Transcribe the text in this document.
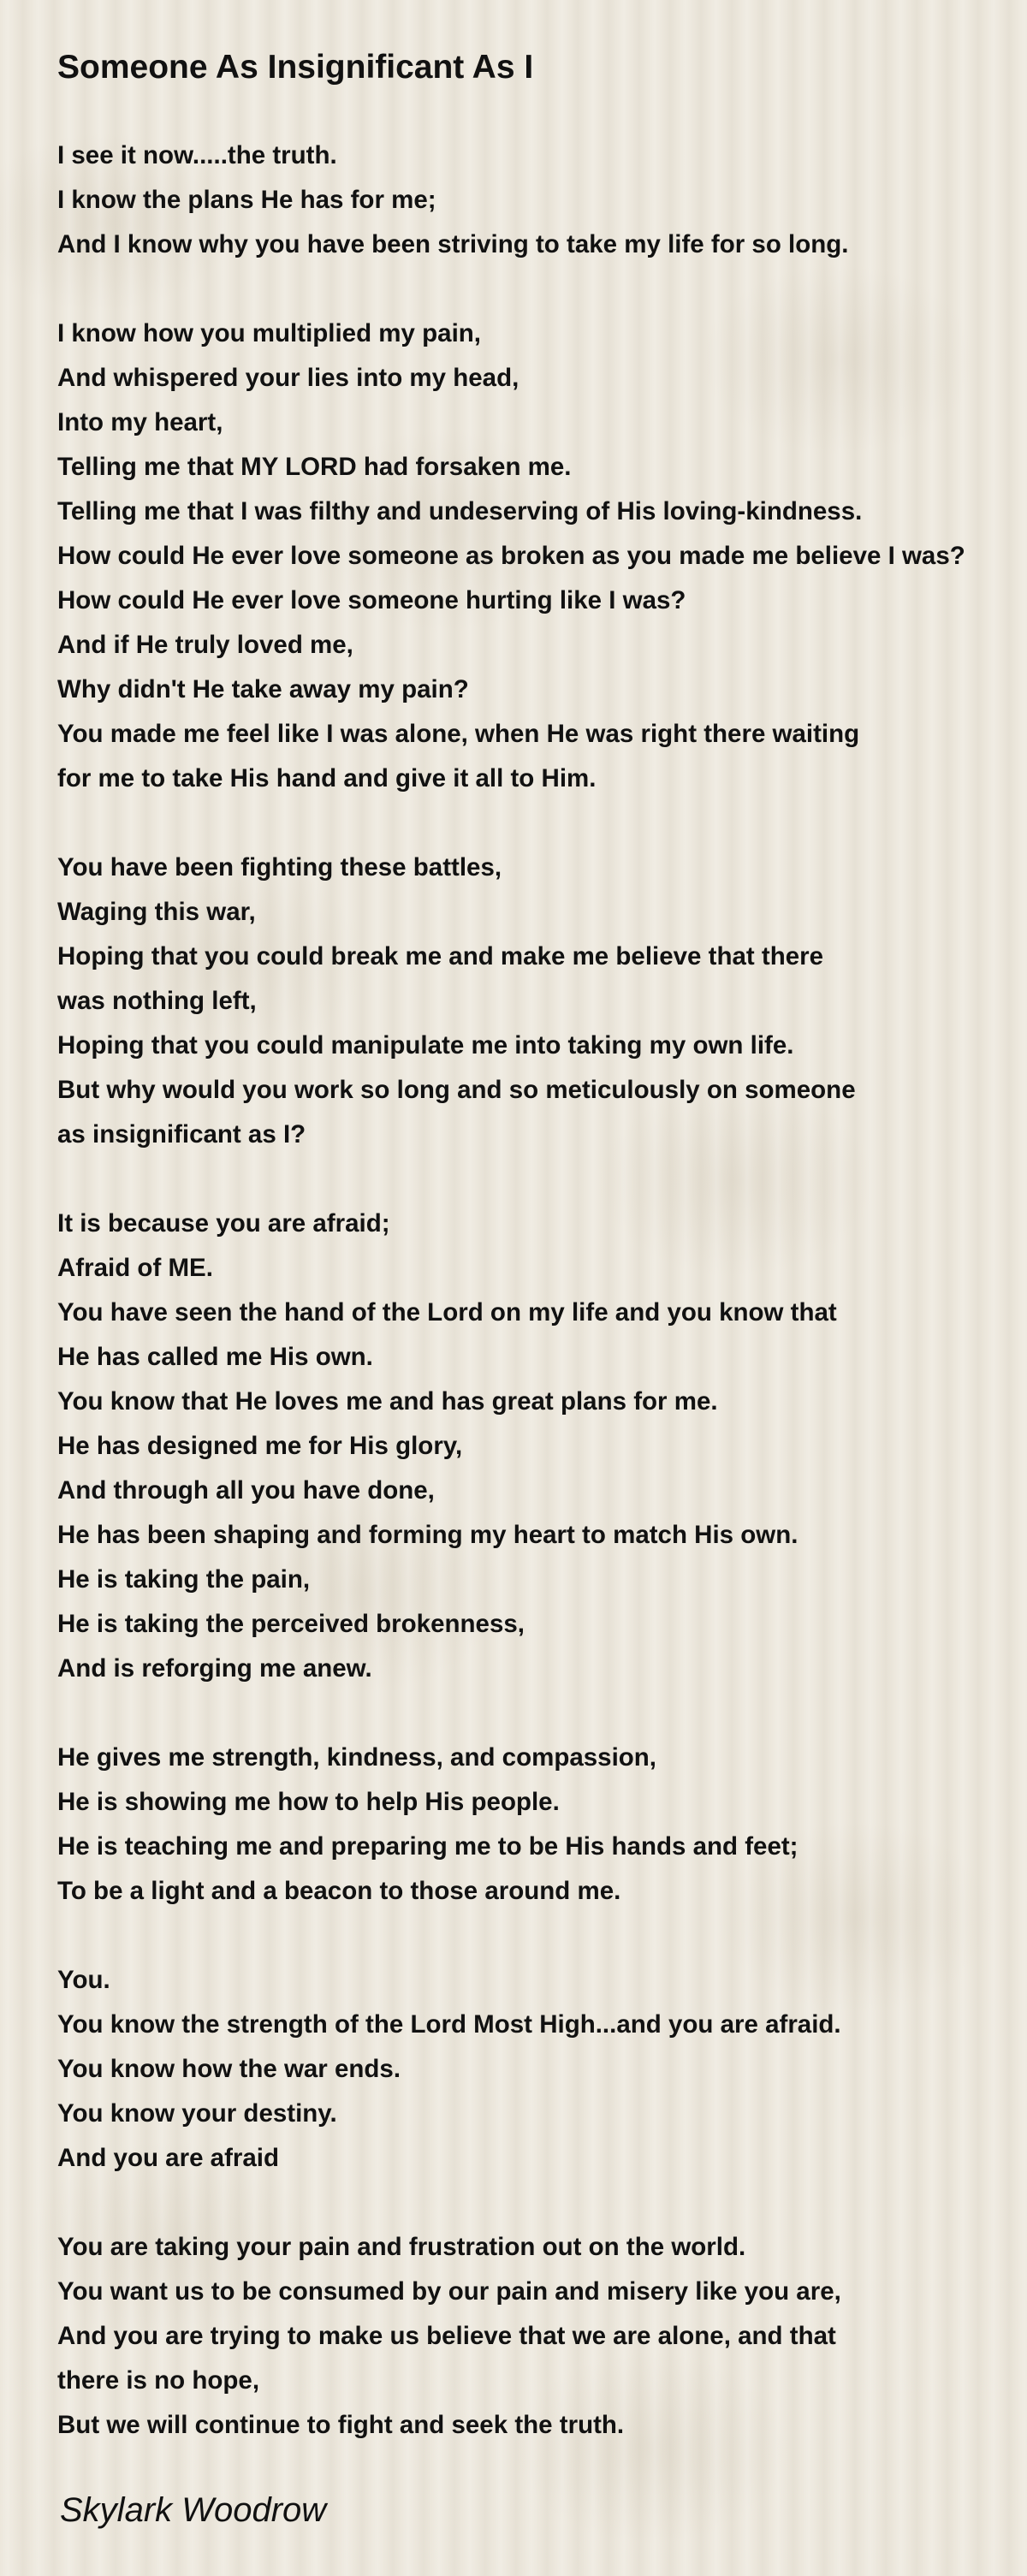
Someone As Insignificant As I
I see it now.....the truth.
I know the plans He has for me;
And I know why you have been striving to take my life for so long.
I know how you multiplied my pain,
And whispered your lies into my head,
Into my heart,
Telling me that MY LORD had forsaken me.
Telling me that I was filthy and undeserving of His loving-kindness.
How could He ever love someone as broken as you made me believe I was?
How could He ever love someone hurting like I was?
And if He truly loved me,
Why didn't He take away my pain?
You made me feel like I was alone, when He was right there waiting
for me to take His hand and give it all to Him.
You have been fighting these battles,
Waging this war,
Hoping that you could break me and make me believe that there
was nothing left,
Hoping that you could manipulate me into taking my own life.
But why would you work so long and so meticulously on someone
as insignificant as I?
It is because you are afraid;
Afraid of ME.
You have seen the hand of the Lord on my life and you know that
He has called me His own.
You know that He loves me and has great plans for me.
He has designed me for His glory,
And through all you have done,
He has been shaping and forming my heart to match His own.
He is taking the pain,
He is taking the perceived brokenness,
And is reforging me anew.
He gives me strength, kindness, and compassion,
He is showing me how to help His people.
He is teaching me and preparing me to be His hands and feet;
To be a light and a beacon to those around me.
You.
You know the strength of the Lord Most High...and you are afraid.
You know how the war ends.
You know your destiny.
And you are afraid
You are taking your pain and frustration out on the world.
You want us to be consumed by our pain and misery like you are,
And you are trying to make us believe that we are alone, and that
there is no hope,
But we will continue to fight and seek the truth.
Skylark Woodrow
